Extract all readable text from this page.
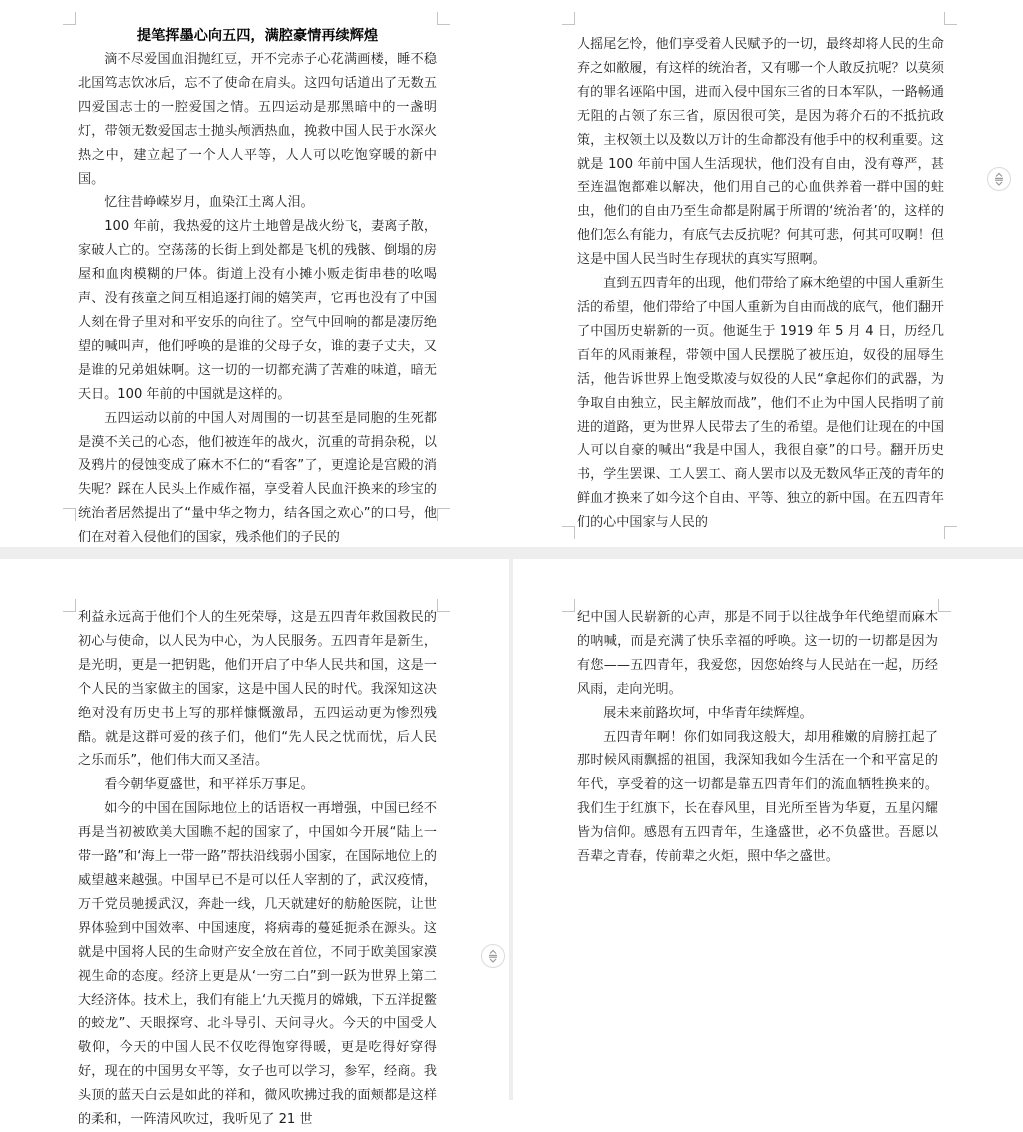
提笔挥墨心向五四，满腔豪情再续辉煌

滴不尽爱国血泪抛红豆，开不完赤子心花满画楼，睡不稳北国笃志饮冰后，忘不了使命在肩头。这四句话道出了无数五四爱国志士的一腔爱国之情。五四运动是那黑暗中的一盏明灯，带领无数爱国志士抛头颅洒热血，挽救中国人民于水深火热之中，建立起了一个人人平等，人人可以吃饱穿暖的新中国。

忆往昔峥嵘岁月，血染江土离人泪。

100 年前，我热爱的这片土地曾是战火纷飞，妻离子散，家破人亡的。空荡荡的长街上到处都是飞机的残骸、倒塌的房屋和血肉模糊的尸体。街道上没有小摊小贩走街串巷的吆喝声、没有孩童之间互相追逐打闹的嬉笑声，它再也没有了中国人刻在骨子里对和平安乐的向往了。空气中回响的都是凄厉绝望的喊叫声，他们呼唤的是谁的父母子女，谁的妻子丈夫，又是谁的兄弟姐妹啊。这一切的一切都充满了苦难的味道，暗无天日。100 年前的中国就是这样的。

五四运动以前的中国人对周围的一切甚至是同胞的生死都是漠不关己的心态，他们被连年的战火，沉重的苛捐杂税，以及鸦片的侵蚀变成了麻木不仁的“看客”了，更遑论是宫殿的消失呢？踩在人民头上作威作福，享受着人民血汗换来的珍宝的统治者居然提出了“量中华之物力，结各国之欢心”的口号，他们在对着入侵他们的国家，残杀他们的子民的

人摇尾乞怜，他们享受着人民赋予的一切，最终却将人民的生命弃之如敝履，有这样的统治者，又有哪一个人敢反抗呢？以莫须有的罪名诬陷中国，进而入侵中国东三省的日本军队，一路畅通无阻的占领了东三省，原因很可笑，是因为蒋介石的不抵抗政策，主权领土以及数以万计的生命都没有他手中的权利重要。这就是 100 年前中国人生活现状，他们没有自由，没有尊严，甚至连温饱都难以解决，他们用自己的心血供养着一群中国的蛀虫，他们的自由乃至生命都是附属于所谓的‘统治者’的，这样的他们怎么有能力，有底气去反抗呢？何其可悲，何其可叹啊！但这是中国人民当时生存现状的真实写照啊。

直到五四青年的出现，他们带给了麻木绝望的中国人重新生活的希望，他们带给了中国人重新为自由而战的底气，他们翻开了中国历史崭新的一页。他诞生于 1919 年 5 月 4 日，历经几百年的风雨兼程，带领中国人民摆脱了被压迫，奴役的屈辱生活，他告诉世界上饱受欺凌与奴役的人民“拿起你们的武器，为争取自由独立，民主解放而战”，他们不止为中国人民指明了前进的道路，更为世界人民带去了生的希望。是他们让现在的中国人可以自豪的喊出“我是中国人，我很自豪”的口号。翻开历史书，学生罢课、工人罢工、商人罢市以及无数风华正茂的青年的鲜血才换来了如今这个自由、平等、独立的新中国。在五四青年们的心中国家与人民的

利益永远高于他们个人的生死荣辱，这是五四青年救国救民的初心与使命，以人民为中心，为人民服务。五四青年是新生，是光明，更是一把钥匙，他们开启了中华人民共和国，这是一个人民的当家做主的国家，这是中国人民的时代。我深知这决绝对没有历史书上写的那样慷慨激昂，五四运动更为惨烈残酷。就是这群可爱的孩子们，他们“先人民之忧而忧，后人民之乐而乐”，他们伟大而又圣洁。

看今朝华夏盛世，和平祥乐万事足。

如今的中国在国际地位上的话语权一再增强，中国已经不再是当初被欧美大国瞧不起的国家了，中国如今开展“陆上一带一路”和‘海上一带一路”帮扶沿线弱小国家，在国际地位上的威望越来越强。中国早已不是可以任人宰割的了，武汉疫情，万千党员驰援武汉，奔赴一线，几天就建好的舫舱医院，让世界体验到中国效率、中国速度，将病毒的蔓延扼杀在源头。这就是中国将人民的生命财产安全放在首位，不同于欧美国家漠视生命的态度。经济上更是从‘一穷二白”到一跃为世界上第二大经济体。技术上，我们有能上‘九天揽月的嫦娥，下五洋捉鳖的蛟龙”、天眼探穹、北斗导引、天问寻火。今天的中国受人敬仰，今天的中国人民不仅吃得饱穿得暖，更是吃得好穿得好，现在的中国男女平等，女子也可以学习，参军，经商。我头顶的蓝天白云是如此的祥和，微风吹拂过我的面颊都是这样的柔和，一阵清风吹过，我听见了 21 世

纪中国人民崭新的心声，那是不同于以往战争年代绝望而麻木的呐喊，而是充满了快乐幸福的呼唤。这一切的一切都是因为有您——五四青年，我爱您，因您始终与人民站在一起，历经风雨，走向光明。

展未来前路坎坷，中华青年续辉煌。

五四青年啊！你们如同我这般大，却用稚嫩的肩膀扛起了那时候风雨飘摇的祖国，我深知我如今生活在一个和平富足的年代，享受着的这一切都是靠五四青年们的流血牺牲换来的。我们生于红旗下，长在春风里，目光所至皆为华夏，五星闪耀皆为信仰。感恩有五四青年，生逢盛世，必不负盛世。吾愿以吾辈之青春，传前辈之火炬，照中华之盛世。
